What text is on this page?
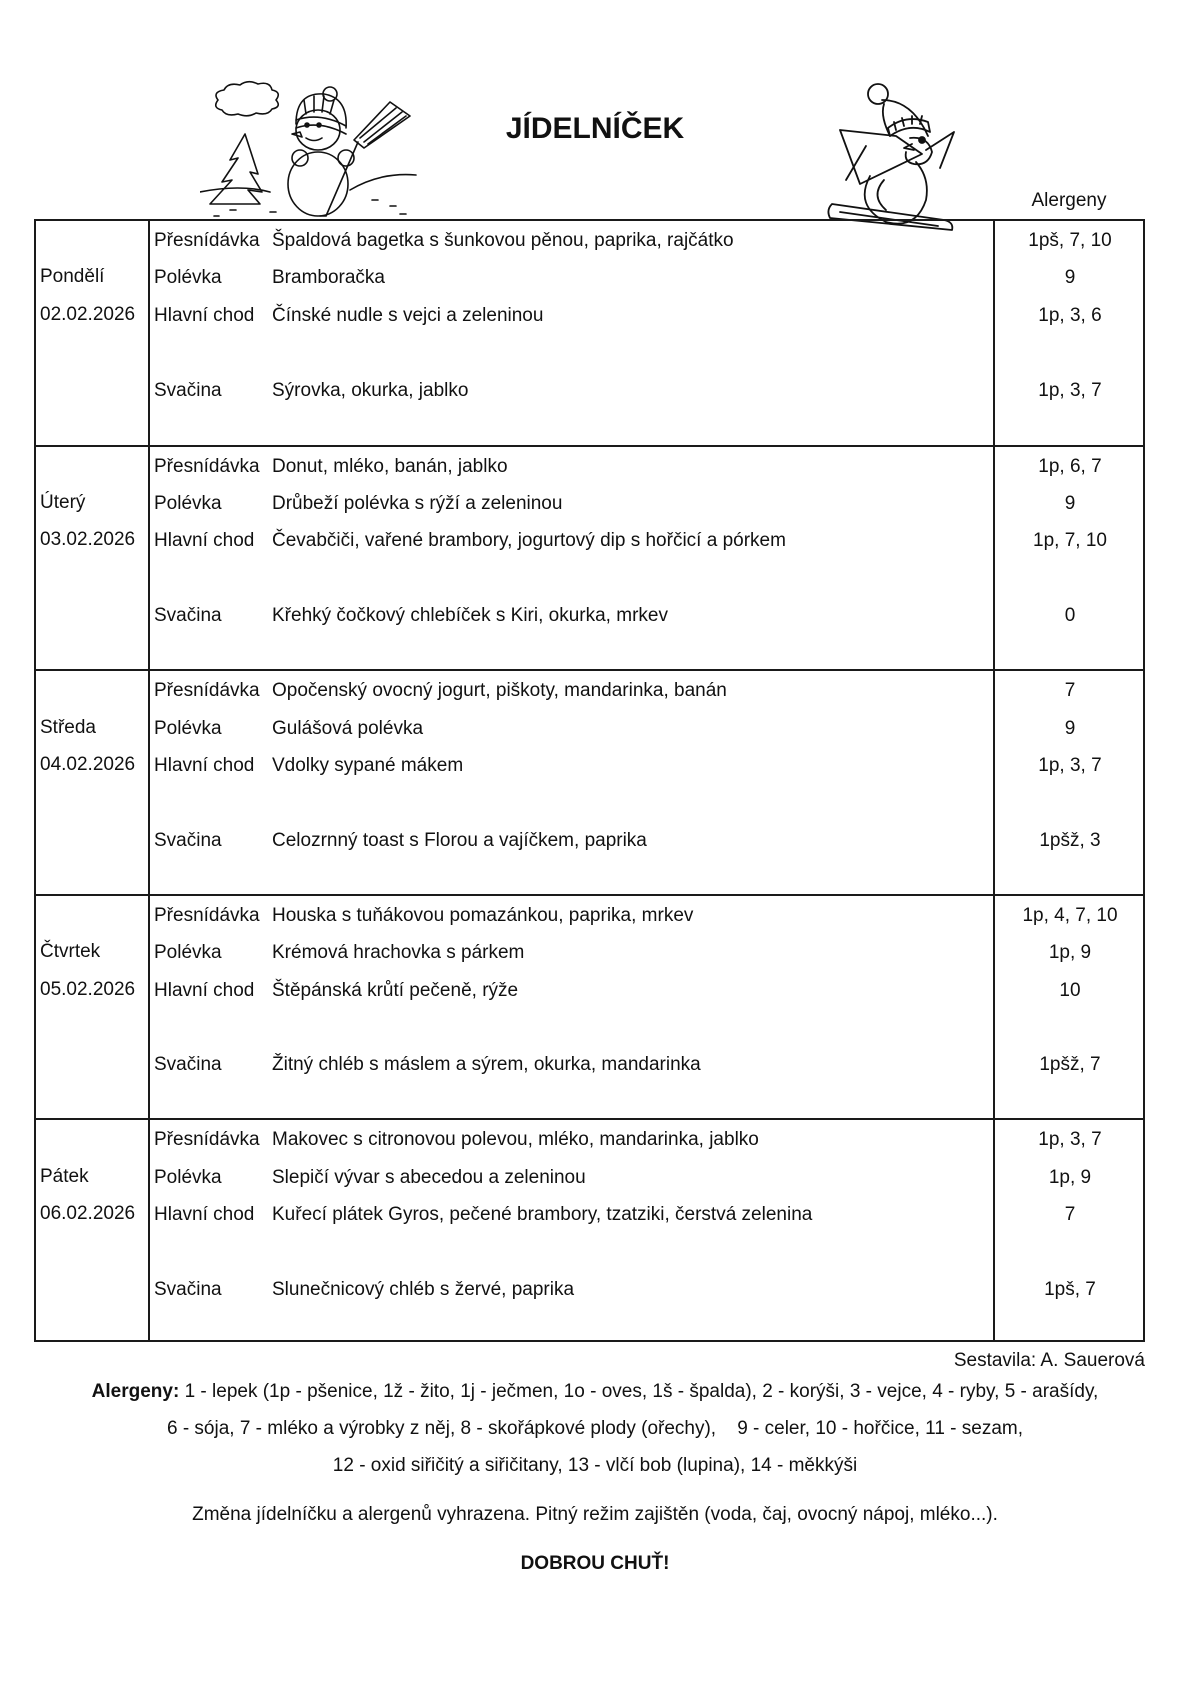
JÍDELNÍČEK
Alergeny
Pondělí
02.02.2026
Přesnídávka Špaldová bagetka s šunkovou pěnou, paprika, rajčátko	1pš, 7, 10
Polévka	Bramboračka	9
Hlavní chod Čínské nudle s vejci a zeleninou	1p, 3, 6
Svačina	Sýrovka, okurka, jablko	1p, 3, 7
Úterý
03.02.2026
Přesnídávka Donut, mléko, banán, jablko	1p, 6, 7
Polévka	Drůbeží polévka s rýží a zeleninou	9
Hlavní chod Čevabčiči, vařené brambory, jogurtový dip s hořčicí a pórkem	1p, 7, 10
Svačina	Křehký čočkový chlebíček s Kiri, okurka, mrkev	0
Středa
04.02.2026
Přesnídávka Opočenský ovocný jogurt, piškoty, mandarinka, banán	7
Polévka	Gulášová polévka	9
Hlavní chod Vdolky sypané mákem	1p, 3, 7
Svačina	Celozrnný toast s Florou a vajíčkem, paprika	1pšž, 3
Čtvrtek
05.02.2026
Přesnídávka Houska s tuňákovou pomazánkou, paprika, mrkev	1p, 4, 7, 10
Polévka	Krémová hrachovka s párkem	1p, 9
Hlavní chod Štěpánská krůtí pečeně, rýže	10
Svačina	Žitný chléb s máslem a sýrem, okurka, mandarinka	1pšž, 7
Pátek
06.02.2026
Přesnídávka Makovec s citronovou polevou, mléko, mandarinka, jablko	1p, 3, 7
Polévka	Slepičí vývar s abecedou a zeleninou	1p, 9
Hlavní chod Kuřecí plátek Gyros, pečené brambory, tzatziki, čerstvá zelenina	7
Svačina	Slunečnicový chléb s žervé, paprika	1pš, 7
Sestavila: A. Sauerová
Alergeny: 1 - lepek (1p - pšenice, 1ž - žito, 1j - ječmen, 1o - oves, 1š - špalda), 2 - korýši, 3 - vejce, 4 - ryby, 5 - arašídy,
6 - sója, 7 - mléko a výrobky z něj, 8 - skořápkové plody (ořechy),    9 - celer, 10 - hořčice, 11 - sezam,
12 - oxid siřičitý a siřičitany, 13 - vlčí bob (lupina), 14 - měkkýši
Změna jídelníčku a alergenů vyhrazena. Pitný režim zajištěn (voda, čaj, ovocný nápoj, mléko...).
DOBROU CHUŤ!
